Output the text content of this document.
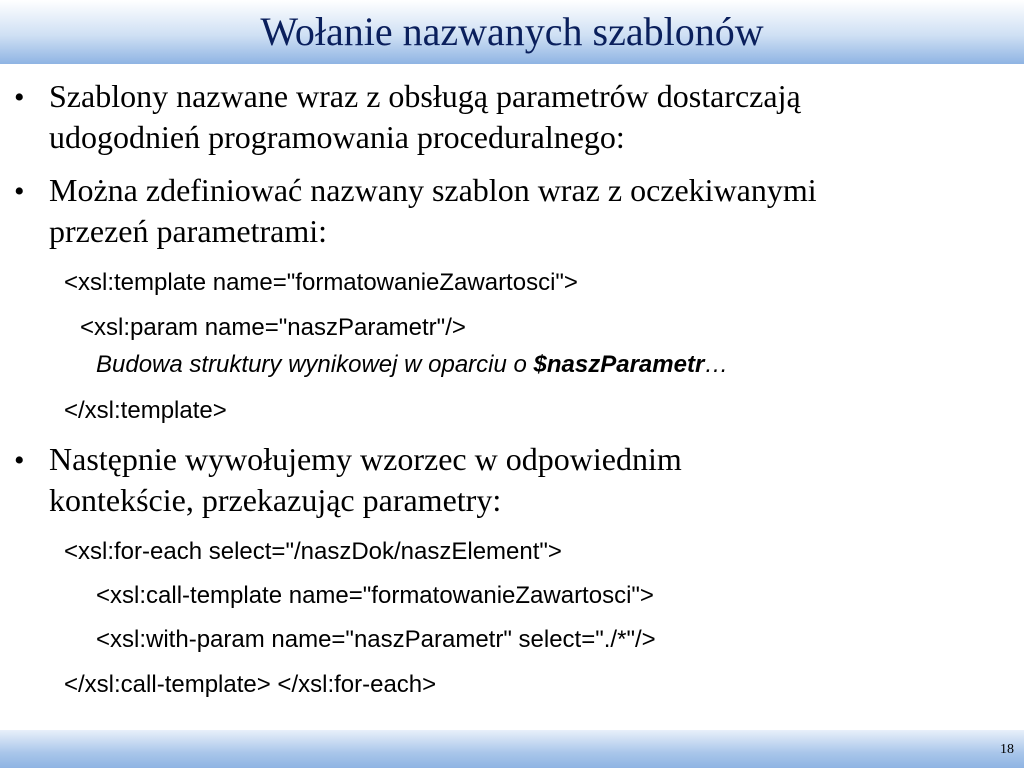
Wołanie nazwanych szablonów
• Szablony nazwane wraz z obsługą parametrów dostarczają
udogodnień programowania proceduralnego:
• Można zdefiniować nazwany szablon wraz z oczekiwanymi
przezeń parametrami:
<xsl:template name="formatowanieZawartosci">
<xsl:param name="naszParametr"/>
Budowa struktury wynikowej w oparciu o $naszParametr…
</xsl:template>
• Następnie wywołujemy wzorzec w odpowiednim
kontekście, przekazując parametry:
<xsl:for-each select="/naszDok/naszElement">
<xsl:call-template name="formatowanieZawartosci">
<xsl:with-param name="naszParametr" select="./*"/>
</xsl:call-template> </xsl:for-each>
18
